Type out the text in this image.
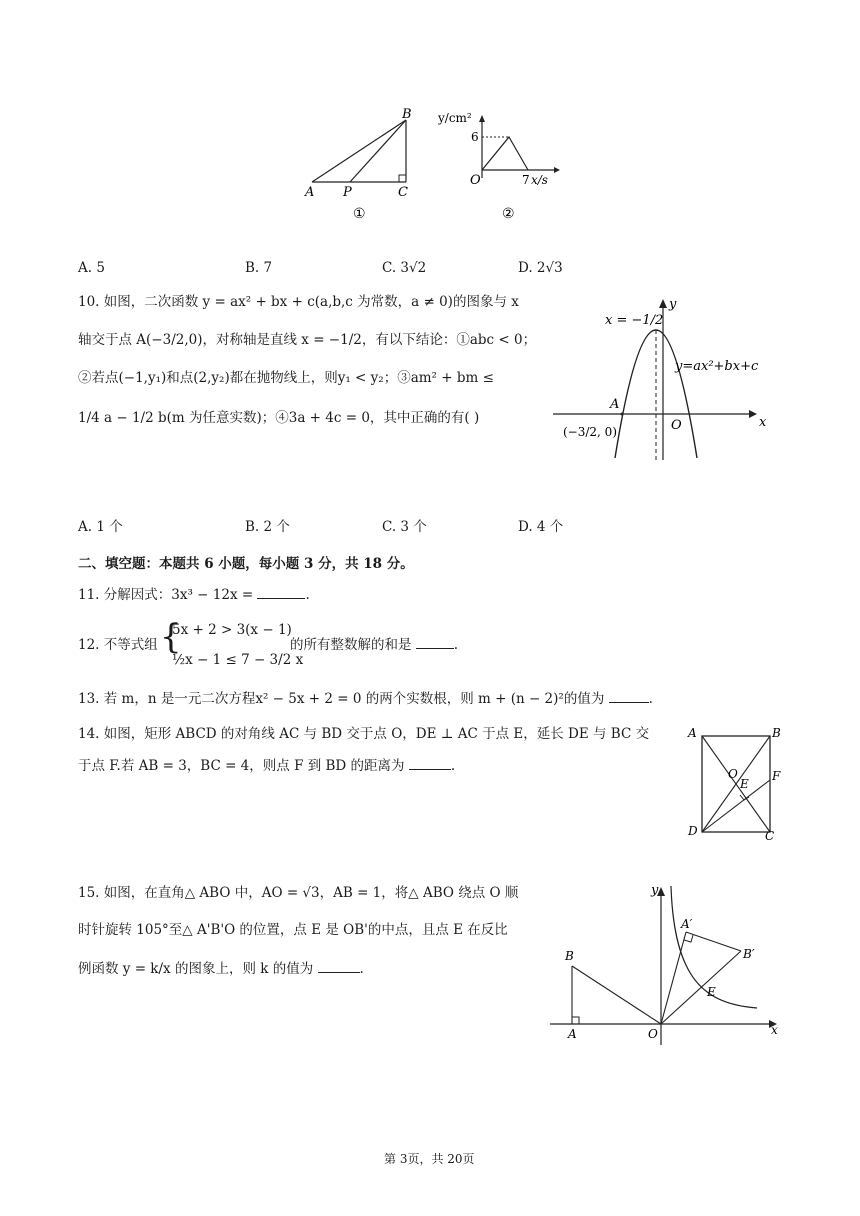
B
A P	C
①
y/cm²
6
O	7 x/s
②
A. 5	B. 7	C. 3√2	D. 2√3
10. 如图，二次函数 y = ax² + bx + c(a,b,c 为常数，a ≠ 0)的图象与 x
轴交于点 A(−3/2,0)，对称轴是直线 x = −1/2，有以下结论：①abc < 0；
②若点(−1,y₁)和点(2,y₂)都在抛物线上，则y₁ < y₂；③am² + bm ≤
1/4 a − 1/2 b(m 为任意实数)；④3a + 4c = 0，其中正确的有( )
x = −1/2
y
y=ax²+bx+c
A
(−3/2, 0)	O	x
A. 1 个	B. 2 个	C. 3 个	D. 4 个
二、填空题：本题共 6 小题，每小题 3 分，共 18 分。
11. 分解因式：3x³ − 12x =	.
12. 不等式组 {
5x + 2 > 3(x − 1)
½x − 1 ≤ 7 − 3/2 x
的所有整数解的和是	.
13. 若 m，n 是一元二次方程x² − 5x + 2 = 0 的两个实数根，则 m + (n − 2)²的值为	.
14. 如图，矩形 ABCD 的对角线 AC 与 BD 交于点 O，DE ⊥ AC 于点 E，延长 DE 与 BC 交
于点 F.若 AB = 3，BC = 4，则点 F 到 BD 的距离为	.
A	B
O
E
F
D	C
15. 如图，在直角△ ABO 中，AO = √3，AB = 1，将△ ABO 绕点 O 顺
时针旋转 105°至△ A'B'O 的位置，点 E 是 OB'的中点，且点 E 在反比
例函数 y = k/x 的图象上，则 k 的值为	.
y
A′
B′
B
E
A	O	x
第 3页，共 20页
